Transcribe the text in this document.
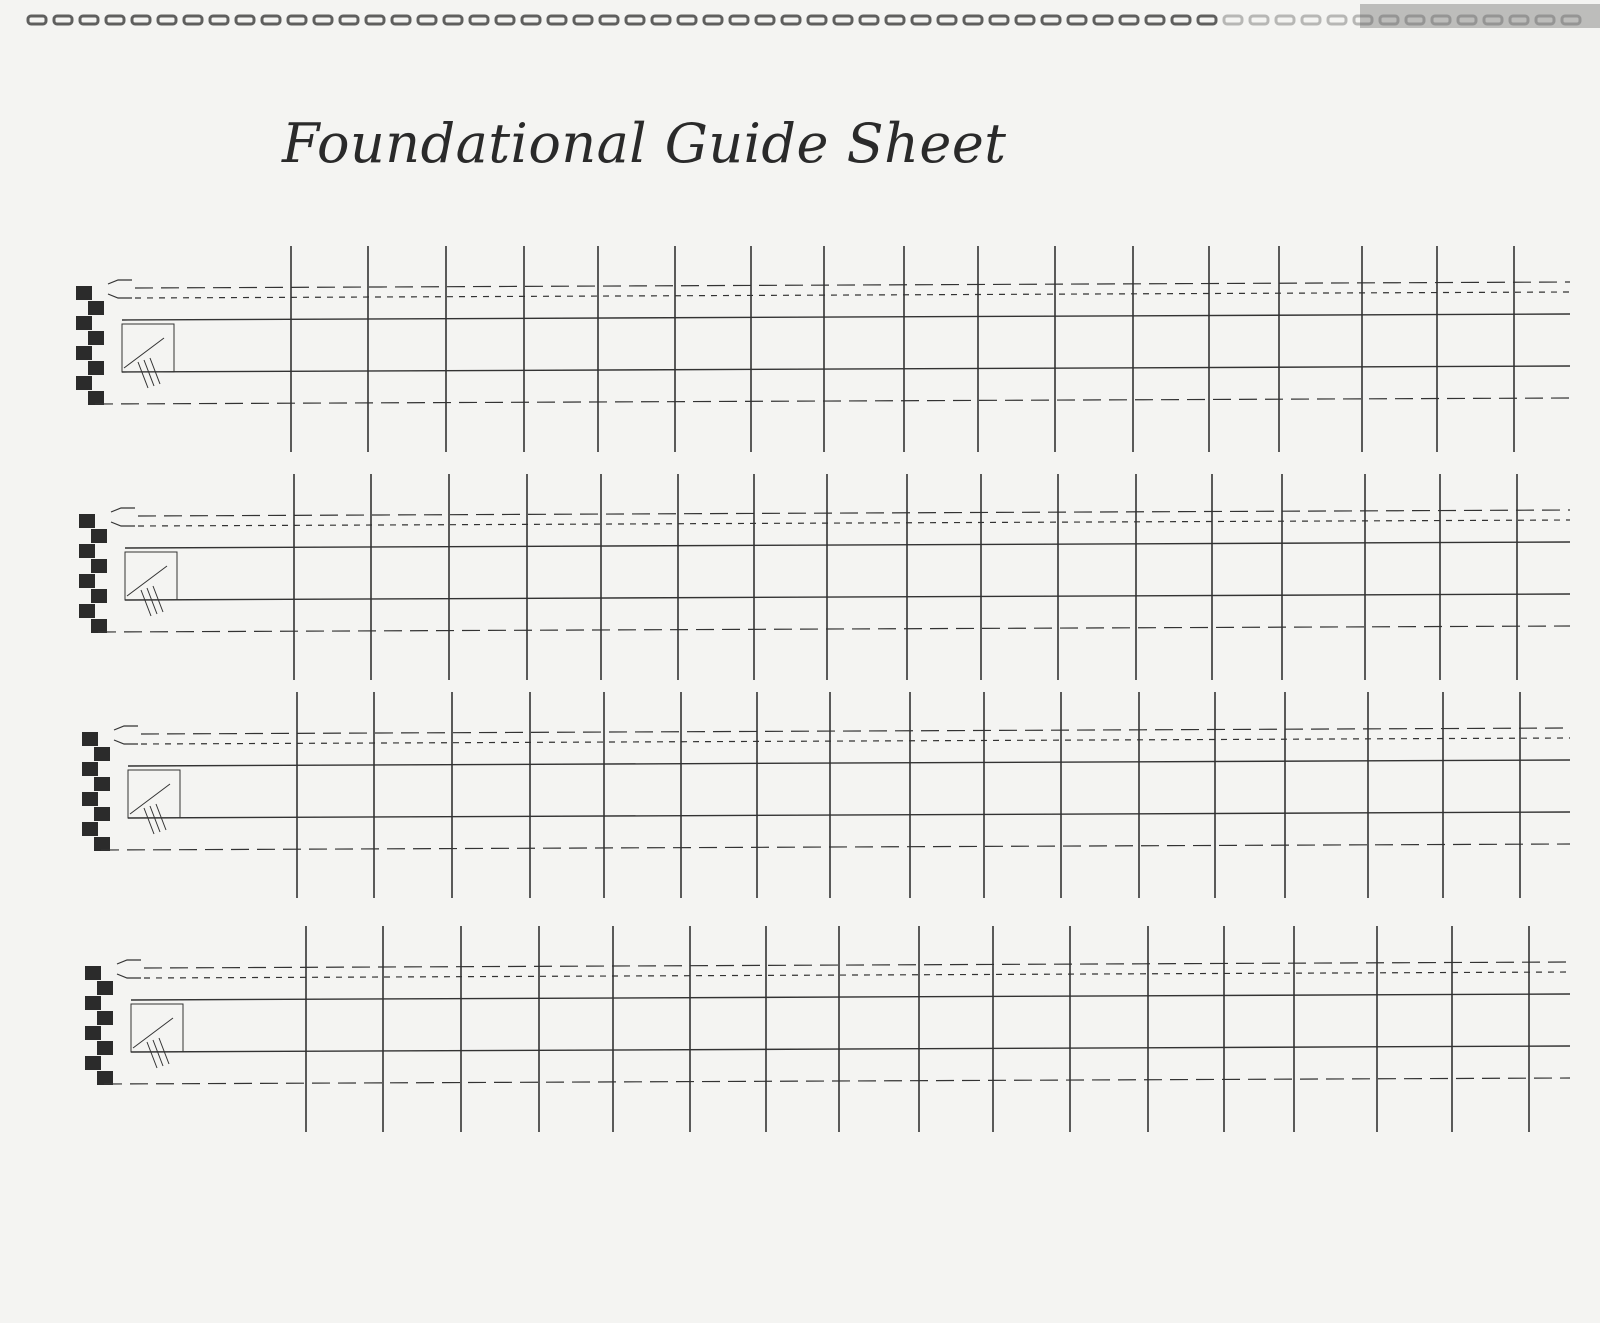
Foundational Guide Sheet
